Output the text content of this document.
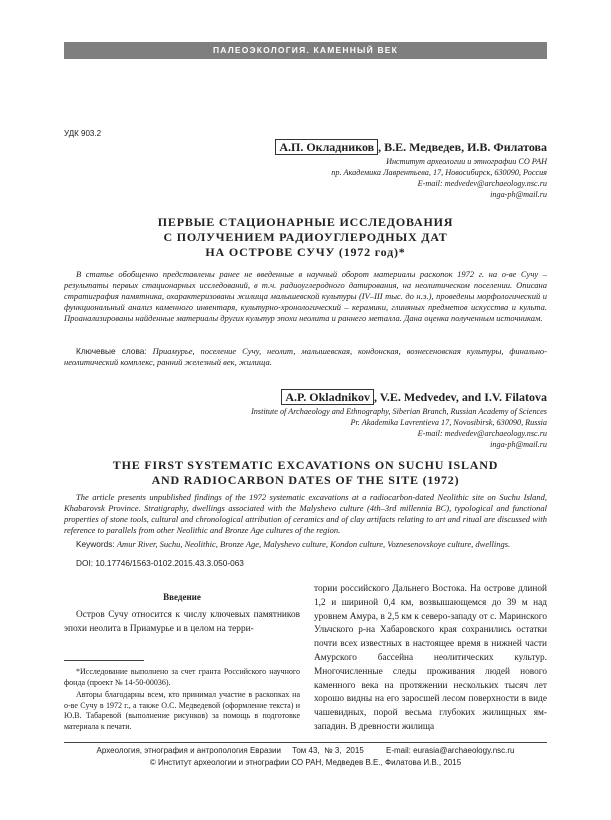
ПАЛЕОЭКОЛОГИЯ. КАМЕННЫЙ ВЕК
УДК 903.2
А.П. Окладников , В.Е. Медведев, И.В. Филатова
Институт археологии и этнографии СО РАН
пр. Академика Лаврентьева, 17, Новосибирск, 630090, Россия
E-mail: medvedev@archaeology.nsc.ru
inga-ph@mail.ru
ПЕРВЫЕ СТАЦИОНАРНЫЕ ИССЛЕДОВАНИЯ
С ПОЛУЧЕНИЕМ РАДИОУГЛЕРОДНЫХ ДАТ
НА ОСТРОВЕ СУЧУ (1972 год)*
В статье обобщенно представлены ранее не введенные в научный оборот материалы раскопок 1972 г. на о-ве Сучу – результаты первых стационарных исследований, в т.ч. радиоуглеродного датирования, на неолитическом поселении. Описана стратиграфия памятника, охарактеризованы жилища малышевской культуры (IV–III тыс. до н.э.), проведены морфологический и функциональный анализ каменного инвентаря, культурно-хронологический – керамики, глиняных предметов искусства и культа. Проанализированы найденные материалы других культур эпохи неолита и раннего металла. Дана оценка полученным источникам.
Ключевые слова: Приамурье, поселение Сучу, неолит, малышевская, кондонская, вознесеновская культуры, финально-неолитический комплекс, ранний железный век, жилища.
A.P. Okladnikov , V.E. Medvedev, and I.V. Filatova
Institute of Archaeology and Ethnography, Siberian Branch, Russian Academy of Sciences
Pr. Akademika Lavrentieva 17, Novosibirsk, 630090, Russia
E-mail: medvedev@archaeology.nsc.ru
inga-ph@mail.ru
THE FIRST SYSTEMATIC EXCAVATIONS ON SUCHU ISLAND
AND RADIOCARBON DATES OF THE SITE (1972)
The article presents unpublished findings of the 1972 systematic excavations at a radiocarbon-dated Neolithic site on Suchu Island, Khabarovsk Province. Stratigraphy, dwellings associated with the Malyshevo culture (4th–3rd millennia BC), typological and functional properties of stone tools, cultural and chronological attribution of ceramics and of clay artifacts relating to art and ritual are discussed with reference to parallels from other Neolithic and Bronze Age cultures of the region.
Keywords: Amur River, Suchu, Neolithic, Bronze Age, Malyshevo culture, Kondon culture, Voznesenovskoye culture, dwellings.
DOI: 10.17746/1563-0102.2015.43.3.050-063
Введение
Остров Сучу относится к числу ключевых памятников эпохи неолита в Приамурье и в целом на терри-
тории российского Дальнего Востока. На острове длиной 1,2 и шириной 0,4 км, возвышающемся до 39 м над уровнем Амура, в 2,5 км к северо-западу от с. Маринского Ульчского р-на Хабаровского края сохранились остатки почти всех известных в настоящее время в нижней части Амурского бассейна неолитических культур. Многочисленные следы проживания людей нового каменного века на протяжении нескольких тысяч лет хорошо видны на его заросшей лесом поверхности в виде чашевидных, порой весьма глубоких жилищных ям-западин. В древности жилища
*Исследование выполнено за счет гранта Российского научного фонда (проект № 14-50-00036).
Авторы благодарны всем, кто принимал участие в раскопках на о-ве Сучу в 1972 г., а также О.С. Медведевой (оформление текста) и Ю.В. Табаревой (выполнение рисунков) за помощь в подготовке материала к печати.
Археология, этнография и антропология Евразии     Том 43,  № 3,  2015          E-mail: eurasia@archaeology.nsc.ru
© Институт археологии и этнографии СО РАН, Медведев В.Е., Филатова И.В., 2015
